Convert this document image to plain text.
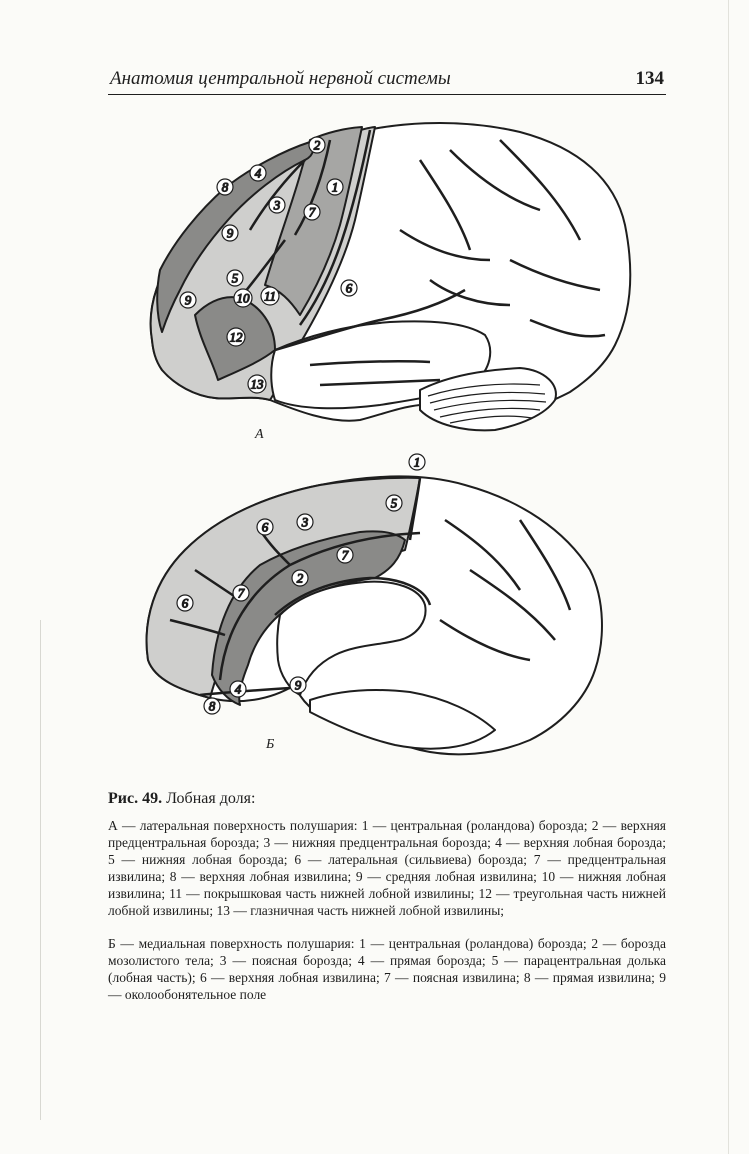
Анатомия центральной нервной системы	134
2
1
4
8
3 7
9
5
6
9	10 11
12
13
А
1
5
6	3
7
2
7
6
4	9
8
Б
Рис. 49. Лобная доля:
А — латеральная поверхность полушария: 1 — центральная (роландова) борозда; 2 — верхняя предцентральная борозда; 3 — нижняя предцентральная борозда; 4 — верхняя лобная борозда; 5 — нижняя лобная борозда; 6 — латеральная (сильвиева) борозда; 7 — предцентральная извилина; 8 — верхняя лобная извилина; 9 — средняя лобная извилина; 10 — нижняя лобная извилина; 11 — покрышковая часть нижней лобной извилины; 12 — треугольная часть нижней лобной извилины; 13 — глазничная часть нижней лобной извилины;
Б — медиальная поверхность полушария: 1 — центральная (роландова) борозда; 2 — борозда мозолистого тела; 3 — поясная борозда; 4 — прямая борозда; 5 — парацентральная долька (лобная часть); 6 — верхняя лобная извилина; 7 — поясная извилина; 8 — прямая извилина; 9 — околообонятельное поле
